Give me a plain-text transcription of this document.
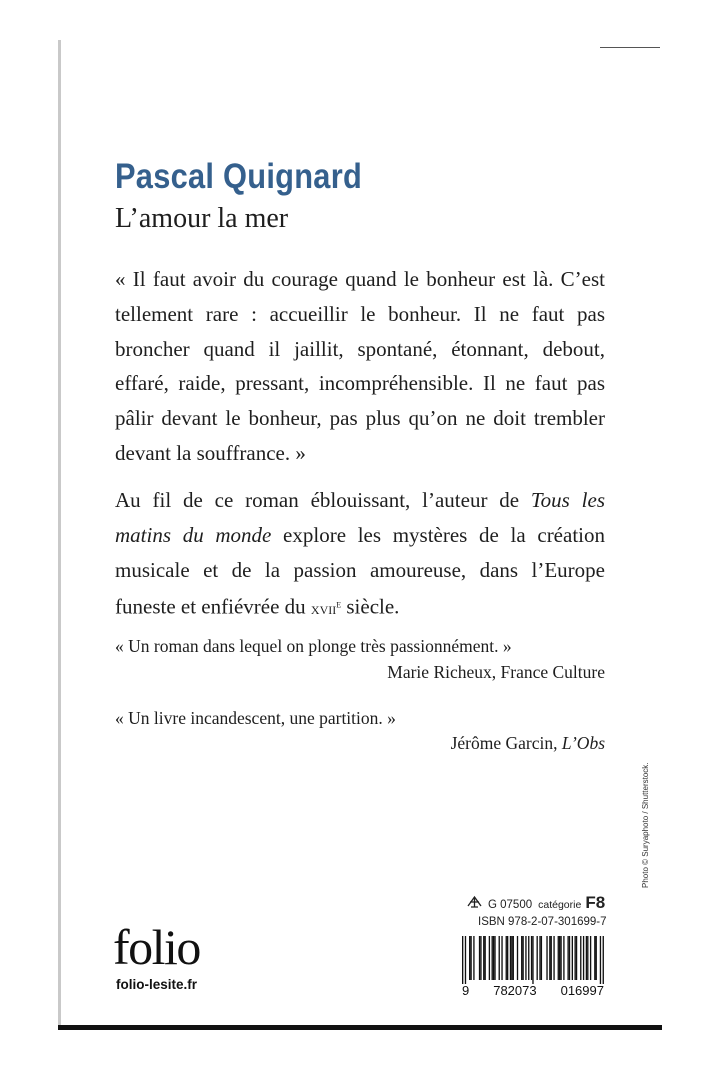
Pascal Quignard
L’amour la mer

« Il faut avoir du courage quand le bonheur est là. C’est tellement rare : accueillir le bonheur. Il ne faut pas broncher quand il jaillit, spontané, étonnant, debout, effaré, raide, pressant, incompréhensible. Il ne faut pas pâlir devant le bonheur, pas plus qu’on ne doit trembler devant la souffrance. »

Au fil de ce roman éblouissant, l’auteur de Tous les matins du monde explore les mystères de la création musicale et de la passion amoureuse, dans l’Europe funeste et enfiévrée du xvii$^e$ siècle.

« Un roman dans lequel on plonge très passionnément. »

Marie Richeux, France Culture

« Un livre incandescent, une partition. »

Jérôme Garcin, L’Obs

folio

folio-lesite.fr

G 07500 catégorie F8
ISBN 978-2-07-301699-7
9 782073 016997

Photo © Suryaphoto / Shutterstock.
